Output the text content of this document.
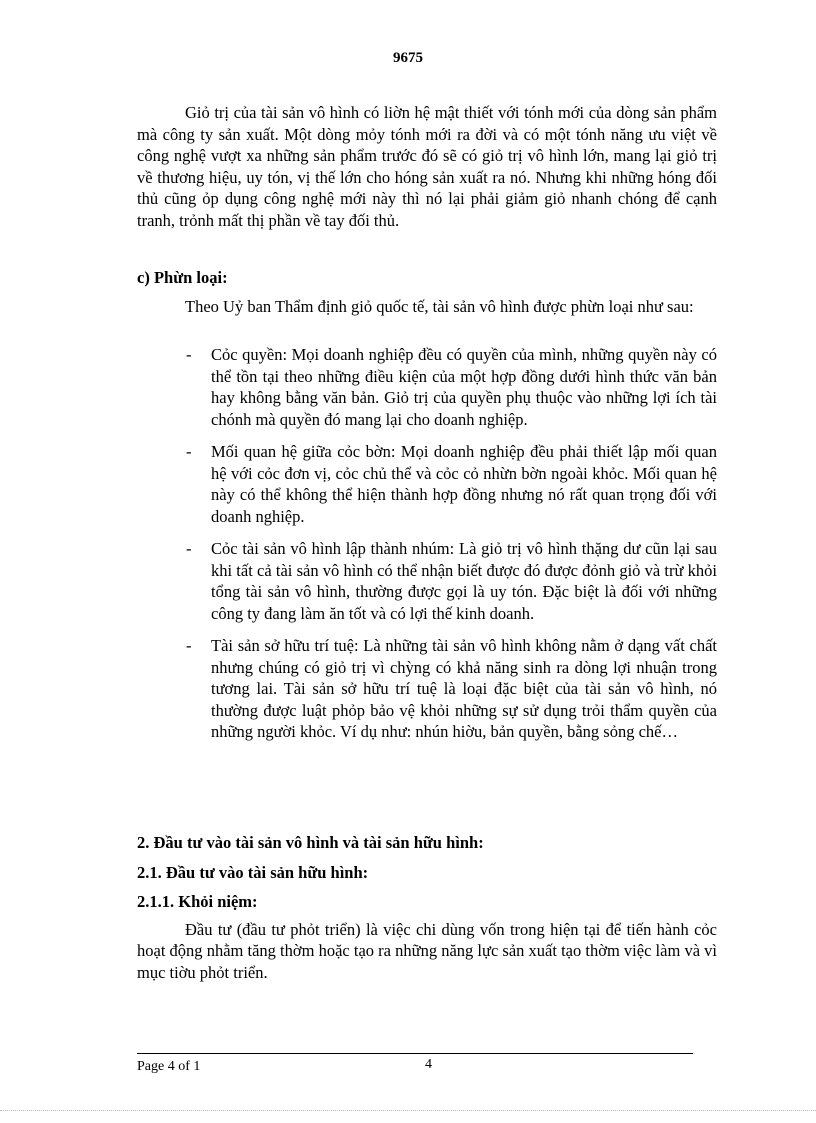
9675

Giỏ trị của tài sản vô hình có liờn hệ mật thiết với tónh mới của dòng sản phẩm mà công ty sản xuất. Một dòng mỏy tónh mới ra đời và có một tónh năng ưu việt về công nghệ vượt xa những sản phẩm trước đó sẽ có giỏ trị vô hình lớn, mang lại giỏ trị về thương hiệu, uy tón, vị thế lớn cho hóng sản xuất ra nó. Nhưng khi những hóng đối thủ cũng ỏp dụng công nghệ mới này thì nó lại phải giảm giỏ nhanh chóng để cạnh tranh, trỏnh mất thị phần về tay đối thủ.

c) Phừn loại:

Theo Uỷ ban Thẩm định giỏ quốc tế, tài sản vô hình được phừn loại như sau:

- Cỏc quyền: Mọi doanh nghiệp đều có quyền của mình, những quyền này có thể tồn tại theo những điều kiện của một hợp đồng dưới hình thức văn bản hay không bằng văn bản. Giỏ trị của quyền phụ thuộc vào những lợi ích tài chónh mà quyền đó mang lại cho doanh nghiệp.
- Mối quan hệ giữa cỏc bờn: Mọi doanh nghiệp đều phải thiết lập mối quan hệ với cỏc đơn vị, cỏc chủ thể và cỏc cỏ nhừn bờn ngoài khỏc. Mối quan hệ này có thể không thể hiện thành hợp đồng nhưng nó rất quan trọng đối với doanh nghiệp.
- Cỏc tài sản vô hình lập thành nhúm: Là giỏ trị vô hình thặng dư cũn lại sau khi tất cả tài sản vô hình có thể nhận biết được đó được đỏnh giỏ và trừ khỏi tổng tài sản vô hình, thường được gọi là uy tón. Đặc biệt là đối với những công ty đang làm ăn tốt và có lợi thế kinh doanh.
- Tài sản sở hữu trí tuệ: Là những tài sản vô hình không nằm ở dạng vất chất nhưng chúng có giỏ trị vì chỳng có khả năng sinh ra dòng lợi nhuận trong tương lai. Tài sản sở hữu trí tuệ là loại đặc biệt của tài sản vô hình, nó thường được luật phỏp bảo vệ khỏi những sự sử dụng trỏi thẩm quyền của những người khỏc. Ví dụ như: nhún hiờu, bản quyền, bằng sỏng chế…

2. Đầu tư vào tài sản vô hình và tài sản hữu hình:

2.1. Đầu tư vào tài sản hữu hình:

2.1.1. Khỏi niệm:

Đầu tư (đầu tư phỏt triển) là việc chi dùng vốn trong hiện tại để tiến hành cỏc hoạt động nhằm tăng thờm hoặc tạo ra những năng lực sản xuất tạo thờm việc làm và vì mục tiờu phỏt triển.

Page 4 of 1	4
